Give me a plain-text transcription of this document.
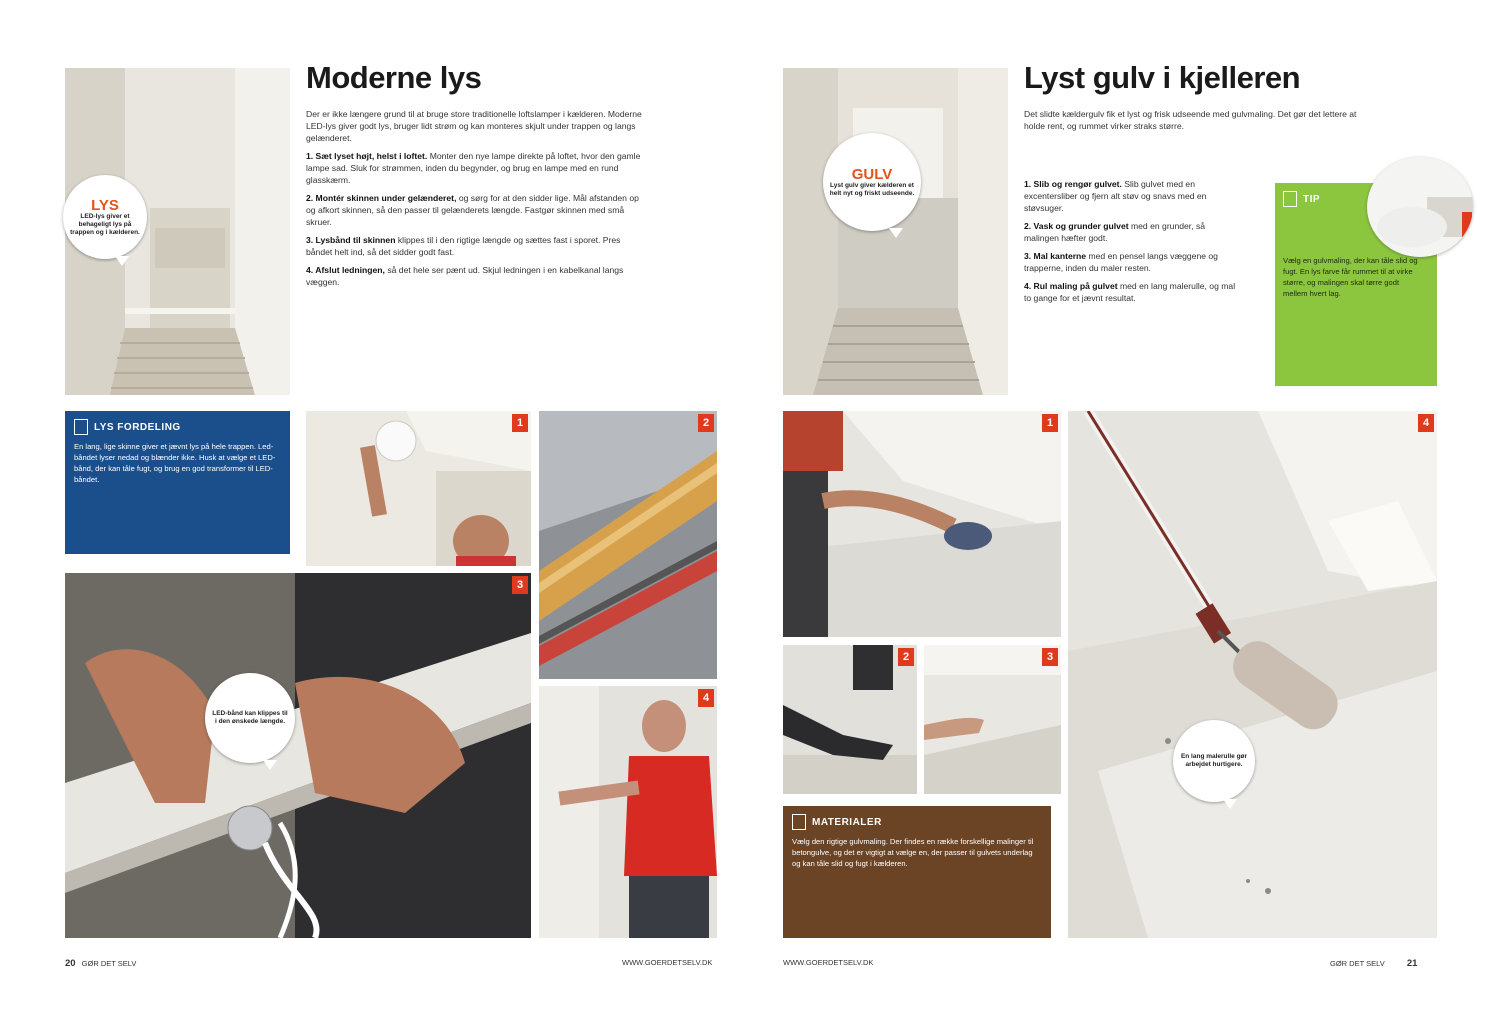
LYS
LED-lys giver et behageligt lys på trappen og i kælderen.
Moderne lys

Der er ikke længere grund til at bruge store traditionelle loftslamper i kælderen. Moderne LED-lys giver godt lys, bruger lidt strøm og kan monteres skjult under trappen og langs gelænderet.

1. Sæt lyset højt, helst i loftet. Monter den nye lampe direkte på loftet, hvor den gamle lampe sad. Sluk for strømmen, inden du begynder, og brug en lampe med en rund glasskærm.

2. Montér skinnen under gelænderet, og sørg for at den sidder lige. Mål afstanden op og afkort skinnen, så den passer til gelænderets længde. Fastgør skinnen med små skruer.

3. Lysbånd til skinnen klippes til i den rigtige længde og sættes fast i sporet. Pres båndet helt ind, så det sidder godt fast.

4. Afslut ledningen, så det hele ser pænt ud. Skjul ledningen i en kabelkanal langs væggen.

LYS FORDELING
En lang, lige skinne giver et jævnt lys på hele trappen. Led-båndet lyser nedad og blænder ikke. Husk at vælge et LED-bånd, der kan tåle fugt, og brug en god transformer til LED-båndet.
1	2
3
LED-bånd kan klippes til i den ønskede længde.
4
20 GØR DET SELV	WWW.GOERDETSELV.DK
GULV
Lyst gulv giver kælderen et helt nyt og friskt udseende.
Lyst gulv i kjelleren
Det slidte kældergulv fik et lyst og frisk udseende med gulvmaling. Det gør det lettere at holde rent, og rummet virker straks større.

1. Slib og rengør gulvet. Slib gulvet med en excentersliber og fjern alt støv og snavs med en støvsuger.

2. Vask og grunder gulvet med en grunder, så malingen hæfter godt.

3. Mal kanterne med en pensel langs væggene og trapperne, inden du maler resten.

4. Rul maling på gulvet med en lang malerulle, og mal to gange for et jævnt resultat.

TIP
Vælg en gulvmaling, der kan tåle slid og fugt. En lys farve får rummet til at virke større, og malingen skal tørre godt mellem hvert lag.
1
2	3
MATERIALER
Vælg den rigtige gulvmaling. Der findes en række forskellige malinger til betongulve, og det er vigtigt at vælge en, der passer til gulvets underlag og kan tåle slid og fugt i kælderen.
4
En lang malerulle gør arbejdet hurtigere.
WWW.GOERDETSELV.DK	GØR DET SELV 21
